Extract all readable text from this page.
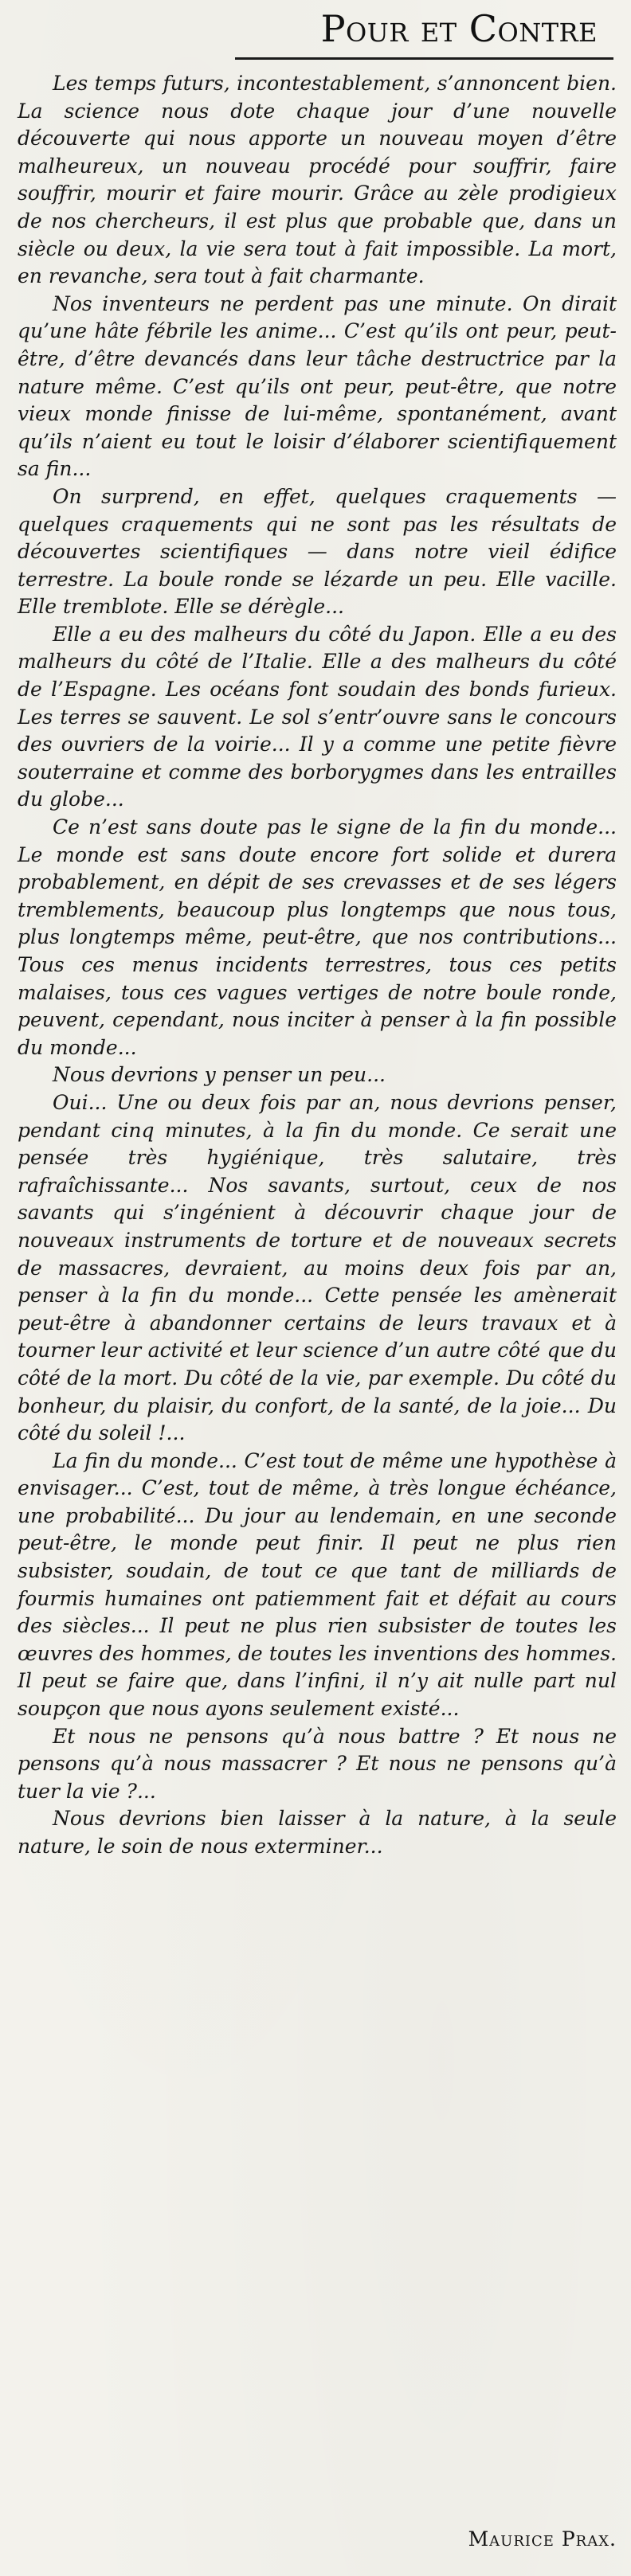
Pour et Contre

Les temps futurs, incontestablement, s’annoncent bien. La science nous dote chaque jour d’une nouvelle découverte qui nous apporte un nouveau moyen d’être malheureux, un nouveau procédé pour souffrir, faire souffrir, mourir et faire mourir. Grâce au zèle prodigieux de nos chercheurs, il est plus que probable que, dans un siècle ou deux, la vie sera tout à fait impossible. La mort, en revanche, sera tout à fait charmante.

Nos inventeurs ne perdent pas une minute. On dirait qu’une hâte fébrile les anime... C’est qu’ils ont peur, peut-être, d’être devancés dans leur tâche destructrice par la nature même. C’est qu’ils ont peur, peut-être, que notre vieux monde finisse de lui-même, spontanément, avant qu’ils n’aient eu tout le loisir d’élaborer scientifiquement sa fin...

On surprend, en effet, quelques craquements — quelques craquements qui ne sont pas les résultats de découvertes scientifiques — dans notre vieil édifice terrestre. La boule ronde se lézarde un peu. Elle vacille. Elle tremblote. Elle se dérègle...

Elle a eu des malheurs du côté du Japon. Elle a eu des malheurs du côté de l’Italie. Elle a des malheurs du côté de l’Espagne. Les océans font soudain des bonds furieux. Les terres se sauvent. Le sol s’entr’ouvre sans le concours des ouvriers de la voirie... Il y a comme une petite fièvre souterraine et comme des borborygmes dans les entrailles du globe...

Ce n’est sans doute pas le signe de la fin du monde... Le monde est sans doute encore fort solide et durera probablement, en dépit de ses crevasses et de ses légers tremblements, beaucoup plus longtemps que nous tous, plus longtemps même, peut-être, que nos contributions... Tous ces menus incidents terrestres, tous ces petits malaises, tous ces vagues vertiges de notre boule ronde, peuvent, cependant, nous inciter à penser à la fin possible du monde...

Nous devrions y penser un peu...

Oui... Une ou deux fois par an, nous devrions penser, pendant cinq minutes, à la fin du monde. Ce serait une pensée très hygiénique, très salutaire, très rafraîchissante... Nos savants, surtout, ceux de nos savants qui s’ingénient à découvrir chaque jour de nouveaux instruments de torture et de nouveaux secrets de massacres, devraient, au moins deux fois par an, penser à la fin du monde... Cette pensée les amènerait peut-être à abandonner certains de leurs travaux et à tourner leur activité et leur science d’un autre côté que du côté de la mort. Du côté de la vie, par exemple. Du côté du bonheur, du plaisir, du confort, de la santé, de la joie... Du côté du soleil !...

La fin du monde... C’est tout de même une hypothèse à envisager... C’est, tout de même, à très longue échéance, une probabilité... Du jour au lendemain, en une seconde peut-être, le monde peut finir. Il peut ne plus rien subsister, soudain, de tout ce que tant de milliards de fourmis humaines ont patiemment fait et défait au cours des siècles... Il peut ne plus rien subsister de toutes les œuvres des hommes, de toutes les inventions des hommes. Il peut se faire que, dans l’infini, il n’y ait nulle part nul soupçon que nous ayons seulement existé...

Et nous ne pensons qu’à nous battre ? Et nous ne pensons qu’à nous massacrer ? Et nous ne pensons qu’à tuer la vie ?...

Nous devrions bien laisser à la nature, à la seule nature, le soin de nous exterminer...

Maurice Prax.
